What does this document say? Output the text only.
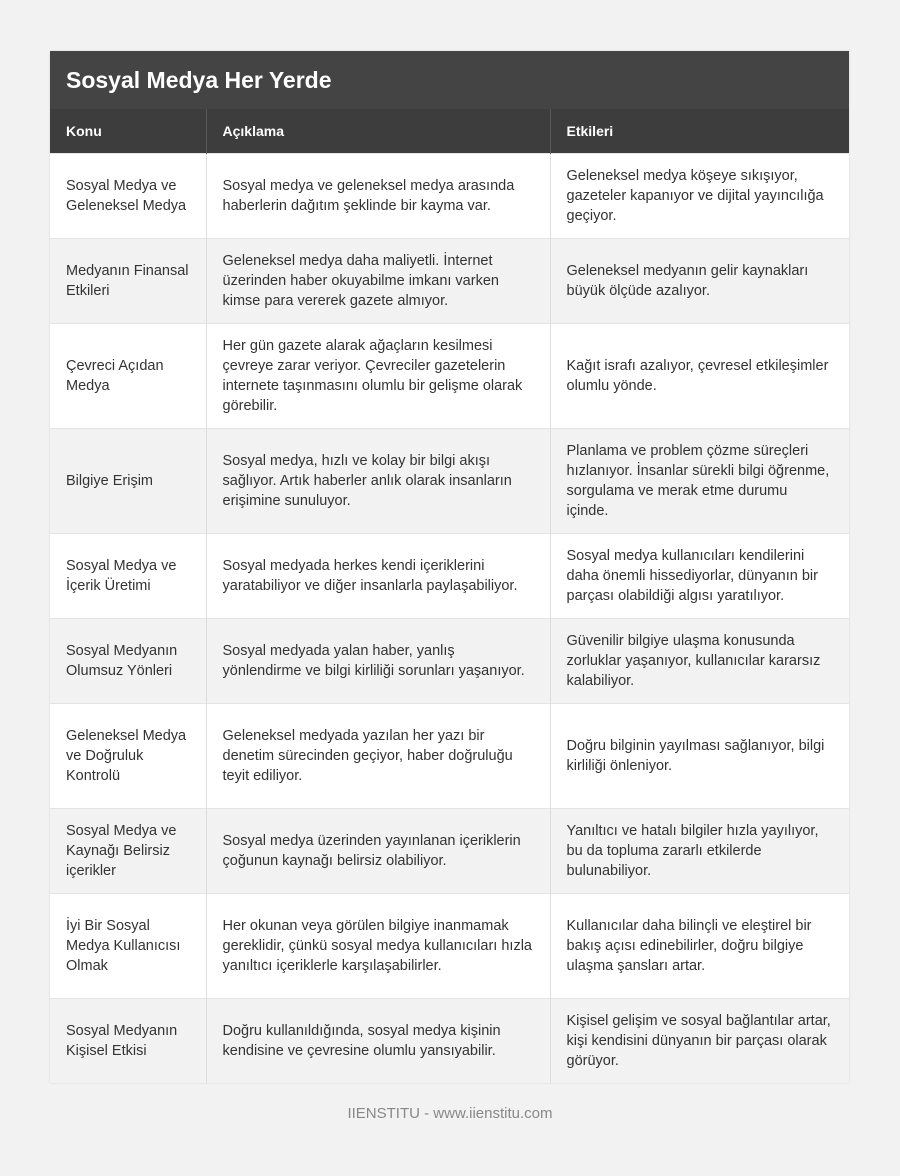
Sosyal Medya Her Yerde
Konu	Açıklama	Etkileri
Sosyal Medya ve Geleneksel Medya	Sosyal medya ve geleneksel medya arasında haberlerin dağıtım şeklinde bir kayma var.	Geleneksel medya köşeye sıkışıyor, gazeteler kapanıyor ve dijital yayıncılığa geçiyor.
Medyanın Finansal Etkileri	Geleneksel medya daha maliyetli. İnternet üzerinden haber okuyabilme imkanı varken kimse para vererek gazete almıyor.	Geleneksel medyanın gelir kaynakları büyük ölçüde azalıyor.
Çevreci Açıdan Medya	Her gün gazete alarak ağaçların kesilmesi çevreye zarar veriyor. Çevreciler gazetelerin internete taşınmasını olumlu bir gelişme olarak görebilir.	Kağıt israfı azalıyor, çevresel etkileşimler olumlu yönde.
Bilgiye Erişim	Sosyal medya, hızlı ve kolay bir bilgi akışı sağlıyor. Artık haberler anlık olarak insanların erişimine sunuluyor.	Planlama ve problem çözme süreçleri hızlanıyor. İnsanlar sürekli bilgi öğrenme, sorgulama ve merak etme durumu içinde.
Sosyal Medya ve İçerik Üretimi	Sosyal medyada herkes kendi içeriklerini yaratabiliyor ve diğer insanlarla paylaşabiliyor.	Sosyal medya kullanıcıları kendilerini daha önemli hissediyorlar, dünyanın bir parçası olabildiği algısı yaratılıyor.
Sosyal Medyanın Olumsuz Yönleri	Sosyal medyada yalan haber, yanlış yönlendirme ve bilgi kirliliği sorunları yaşanıyor.	Güvenilir bilgiye ulaşma konusunda zorluklar yaşanıyor, kullanıcılar kararsız kalabiliyor.
Geleneksel Medya ve Doğruluk Kontrolü	Geleneksel medyada yazılan her yazı bir denetim sürecinden geçiyor, haber doğruluğu teyit ediliyor.	Doğru bilginin yayılması sağlanıyor, bilgi kirliliği önleniyor.
Sosyal Medya ve Kaynağı Belirsiz içerikler	Sosyal medya üzerinden yayınlanan içeriklerin çoğunun kaynağı belirsiz olabiliyor.	Yanıltıcı ve hatalı bilgiler hızla yayılıyor, bu da topluma zararlı etkilerde bulunabiliyor.
İyi Bir Sosyal Medya Kullanıcısı Olmak	Her okunan veya görülen bilgiye inanmamak gereklidir, çünkü sosyal medya kullanıcıları hızla yanıltıcı içeriklerle karşılaşabilirler.	Kullanıcılar daha bilinçli ve eleştirel bir bakış açısı edinebilirler, doğru bilgiye ulaşma şansları artar.
Sosyal Medyanın Kişisel Etkisi	Doğru kullanıldığında, sosyal medya kişinin kendisine ve çevresine olumlu yansıyabilir.	Kişisel gelişim ve sosyal bağlantılar artar, kişi kendisini dünyanın bir parçası olarak görüyor.
IIENSTITU - www.iienstitu.com
